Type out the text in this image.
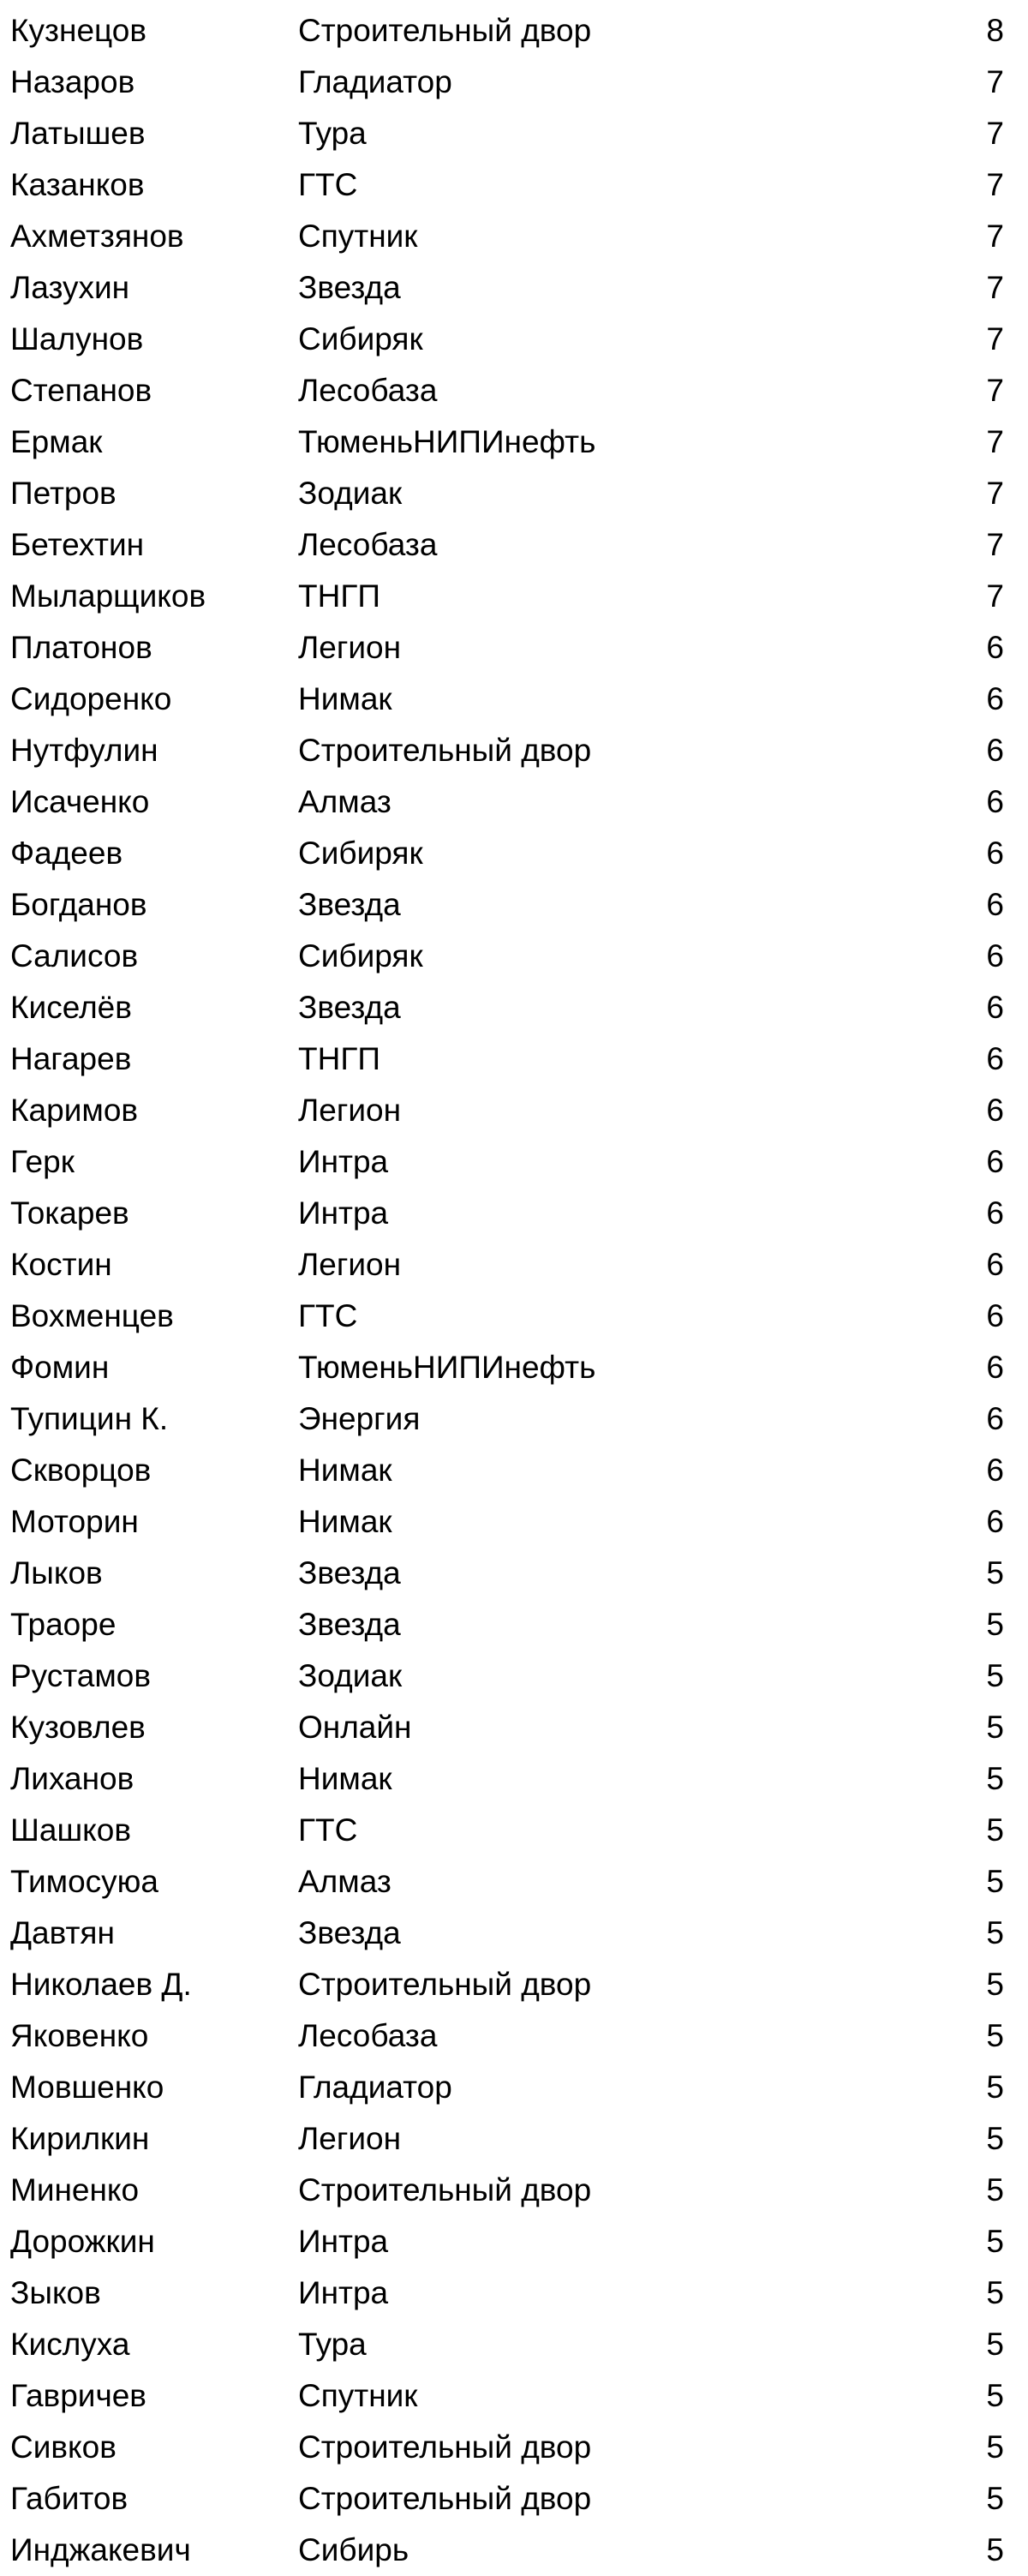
Кузнецов	Строительный двор	8
Назаров	Гладиатор	7
Латышев	Тура	7
Казанков	ГТС	7
Ахметзянов	Спутник	7
Лазухин	Звезда	7
Шалунов	Сибиряк	7
Степанов	Лесобаза	7
Ермак	ТюменьНИПИнефть	7
Петров	Зодиак	7
Бетехтин	Лесобаза	7
Мыларщиков	ТНГП	7
Платонов	Легион	6
Сидоренко	Нимак	6
Нутфулин	Строительный двор	6
Исаченко	Алмаз	6
Фадеев	Сибиряк	6
Богданов	Звезда	6
Салисов	Сибиряк	6
Киселёв	Звезда	6
Нагарев	ТНГП	6
Каримов	Легион	6
Герк	Интра	6
Токарев	Интра	6
Костин	Легион	6
Вохменцев	ГТС	6
Фомин	ТюменьНИПИнефть	6
Тупицин К.	Энергия	6
Скворцов	Нимак	6
Моторин	Нимак	6
Лыков	Звезда	5
Траоре	Звезда	5
Рустамов	Зодиак	5
Кузовлев	Онлайн	5
Лиханов	Нимак	5
Шашков	ГТС	5
Тимосуюа	Алмаз	5
Давтян	Звезда	5
Николаев Д.	Строительный двор	5
Яковенко	Лесобаза	5
Мовшенко	Гладиатор	5
Кирилкин	Легион	5
Миненко	Строительный двор	5
Дорожкин	Интра	5
Зыков	Интра	5
Кислуха	Тура	5
Гавричев	Спутник	5
Сивков	Строительный двор	5
Габитов	Строительный двор	5
Инджакевич	Сибирь	5
